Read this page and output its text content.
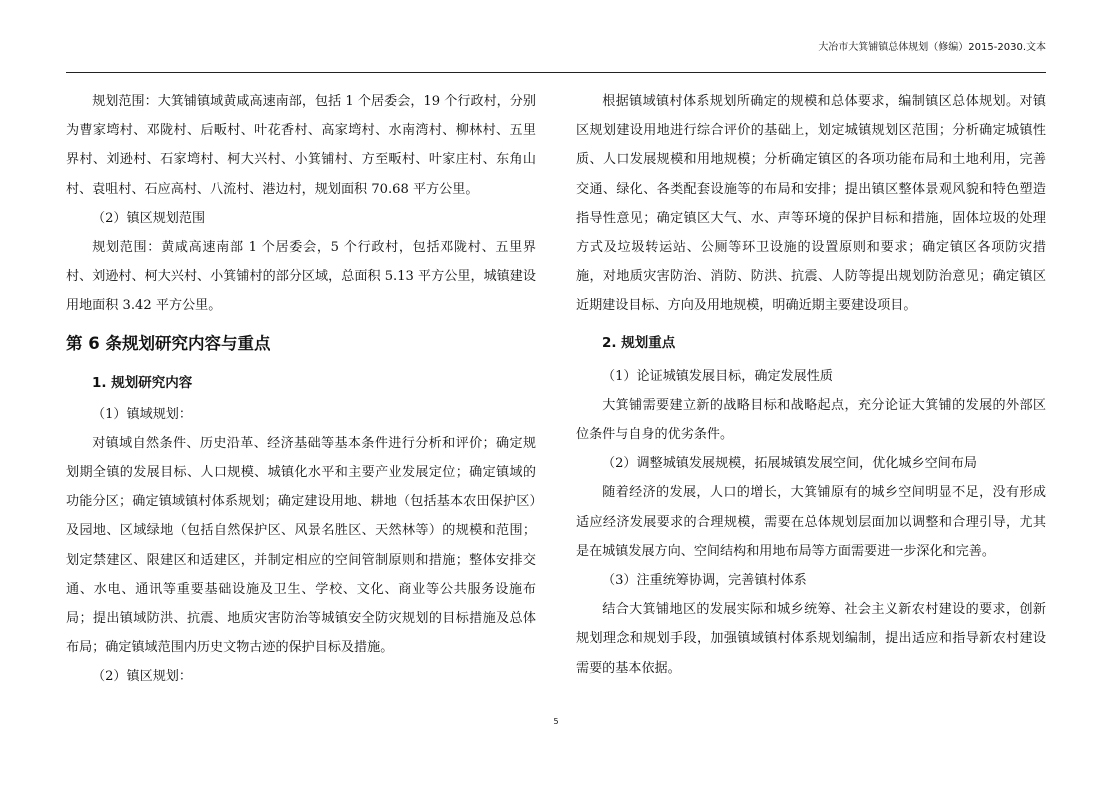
大冶市大箕铺镇总体规划（修编）2015-2030.文本

规划范围：大箕铺镇域黄咸高速南部，包括 1 个居委会，19 个行政村，分别为曹家塆村、邓陇村、后畈村、叶花香村、高家塆村、水南湾村、柳林村、五里界村、刘逊村、石家塆村、柯大兴村、小箕铺村、方至畈村、叶家庄村、东角山村、袁咀村、石应高村、八流村、港边村，规划面积 70.68 平方公里。

（2）镇区规划范围

规划范围：黄咸高速南部 1 个居委会，5 个行政村，包括邓陇村、五里界村、刘逊村、柯大兴村、小箕铺村的部分区域，总面积 5.13 平方公里，城镇建设用地面积 3.42 平方公里。

第 6 条规划研究内容与重点
1. 规划研究内容
（1）镇域规划：

对镇域自然条件、历史沿革、经济基础等基本条件进行分析和评价；确定规划期全镇的发展目标、人口规模、城镇化水平和主要产业发展定位；确定镇域的功能分区；确定镇域镇村体系规划；确定建设用地、耕地（包括基本农田保护区）及园地、区域绿地（包括自然保护区、风景名胜区、天然林等）的规模和范围；划定禁建区、限建区和适建区，并制定相应的空间管制原则和措施；整体安排交通、水电、通讯等重要基础设施及卫生、学校、文化、商业等公共服务设施布局；提出镇域防洪、抗震、地质灾害防治等城镇安全防灾规划的目标措施及总体布局；确定镇域范围内历史文物古迹的保护目标及措施。

（2）镇区规划：

根据镇域镇村体系规划所确定的规模和总体要求，编制镇区总体规划。对镇区规划建设用地进行综合评价的基础上，划定城镇规划区范围；分析确定城镇性质、人口发展规模和用地规模；分析确定镇区的各项功能布局和土地利用，完善交通、绿化、各类配套设施等的布局和安排；提出镇区整体景观风貌和特色塑造指导性意见；确定镇区大气、水、声等环境的保护目标和措施，固体垃圾的处理方式及垃圾转运站、公厕等环卫设施的设置原则和要求；确定镇区各项防灾措施，对地质灾害防治、消防、防洪、抗震、人防等提出规划防治意见；确定镇区近期建设目标、方向及用地规模，明确近期主要建设项目。

2. 规划重点
（1）论证城镇发展目标，确定发展性质

大箕铺需要建立新的战略目标和战略起点，充分论证大箕铺的发展的外部区位条件与自身的优劣条件。

（2）调整城镇发展规模，拓展城镇发展空间，优化城乡空间布局

随着经济的发展，人口的增长，大箕铺原有的城乡空间明显不足，没有形成适应经济发展要求的合理规模，需要在总体规划层面加以调整和合理引导，尤其是在城镇发展方向、空间结构和用地布局等方面需要进一步深化和完善。

（3）注重统筹协调，完善镇村体系

结合大箕铺地区的发展实际和城乡统筹、社会主义新农村建设的要求，创新规划理念和规划手段，加强镇域镇村体系规划编制，提出适应和指导新农村建设需要的基本依据。

5
